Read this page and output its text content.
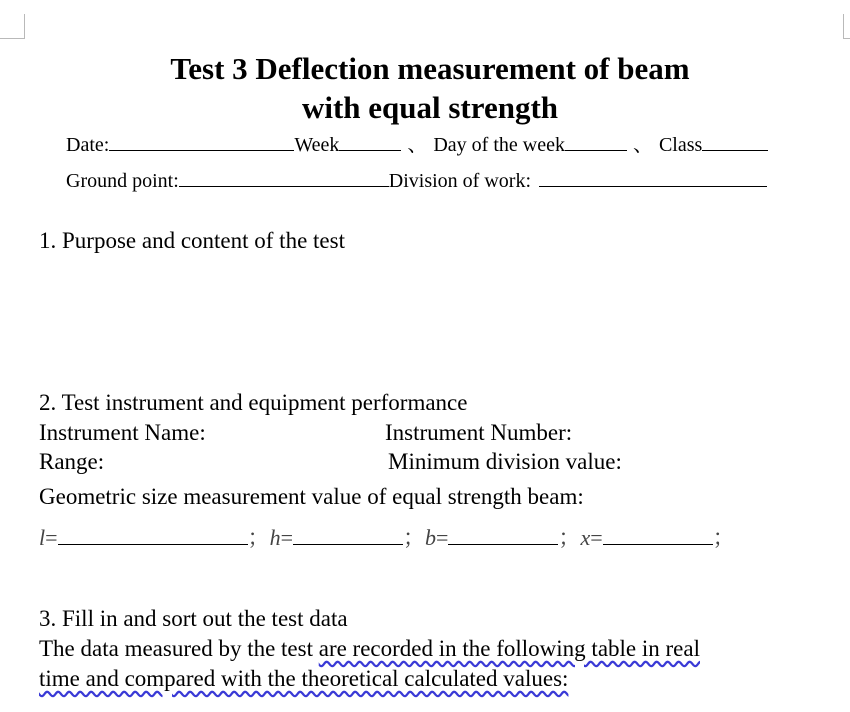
Test 3 Deflection measurement of beam
with equal strength
Date:	Week	、 Day of the week	、 Class
Ground point:	Division of work:
1. Purpose and content of the test
2. Test instrument and equipment performance
Instrument Name:	Instrument Number:
Range:	Minimum division value:
Geometric size measurement value of equal strength beam:
l =	； h =	； b =	； x =	；
3. Fill in and sort out the test data
The data measured by the test are recorded in the following table in real
time and compared with the theoretical calculated values:
